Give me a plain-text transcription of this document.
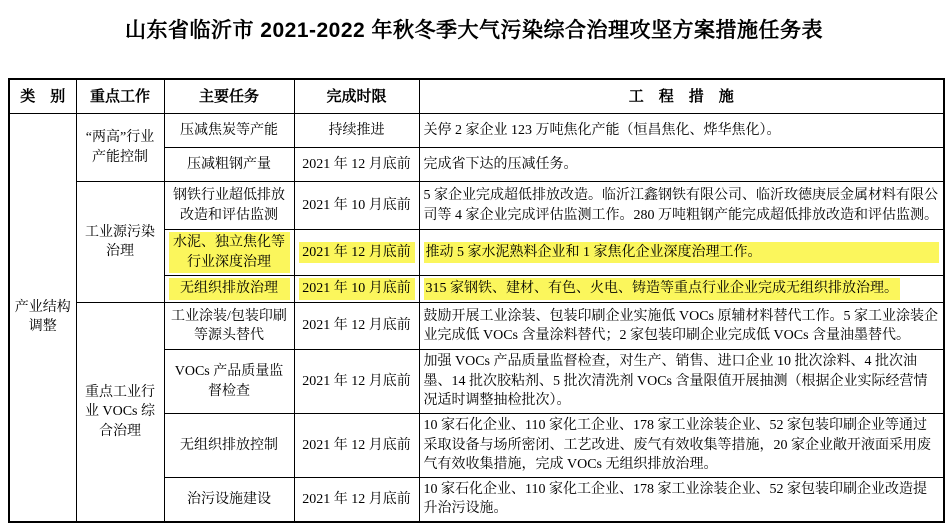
山东省临沂市 2021-2022 年秋冬季大气污染综合治理攻坚方案措施任务表
类　别	重点工作	主要任务	完成时限	工　程　措　施
产业结构调整	“两高”行业产能控制	压减焦炭等产能	持续推进	关停 2 家企业 123 万吨焦化产能（恒昌焦化、烨华焦化）。
		压减粗钢产量	2021 年 12 月底前	完成省下达的压减任务。
	工业源污染治理	钢铁行业超低排放改造和评估监测	2021 年 10 月底前	5 家企业完成超低排放改造。临沂江鑫钢铁有限公司、临沂玫德庚辰金属材料有限公司等 4 家企业完成评估监测工作。280 万吨粗钢产能完成超低排放改造和评估监测。
		水泥、独立焦化等行业深度治理	2021 年 12 月底前	推动 5 家水泥熟料企业和 1 家焦化企业深度治理工作。
		无组织排放治理	2021 年 10 月底前	315 家钢铁、建材、有色、火电、铸造等重点行业企业完成无组织排放治理。
	重点工业行业 VOCs 综合治理	工业涂装/包装印刷等源头替代	2021 年 12 月底前	鼓励开展工业涂装、包装印刷企业实施低 VOCs 原辅材料替代工作。5 家工业涂装企业完成低 VOCs 含量涂料替代；2 家包装印刷企业完成低 VOCs 含量油墨替代。
		VOCs 产品质量监督检查	2021 年 12 月底前	加强 VOCs 产品质量监督检查，对生产、销售、进口企业 10 批次涂料、4 批次油墨、14 批次胶粘剂、5 批次清洗剂 VOCs 含量限值开展抽测（根据企业实际经营情况适时调整抽检批次）。
		无组织排放控制	2021 年 12 月底前	10 家石化企业、110 家化工企业、178 家工业涂装企业、52 家包装印刷企业等通过采取设备与场所密闭、工艺改进、废气有效收集等措施，20 家企业敞开液面采用废气有效收集措施，完成 VOCs 无组织排放治理。
		治污设施建设	2021 年 12 月底前	10 家石化企业、110 家化工企业、178 家工业涂装企业、52 家包装印刷企业改造提升治污设施。
